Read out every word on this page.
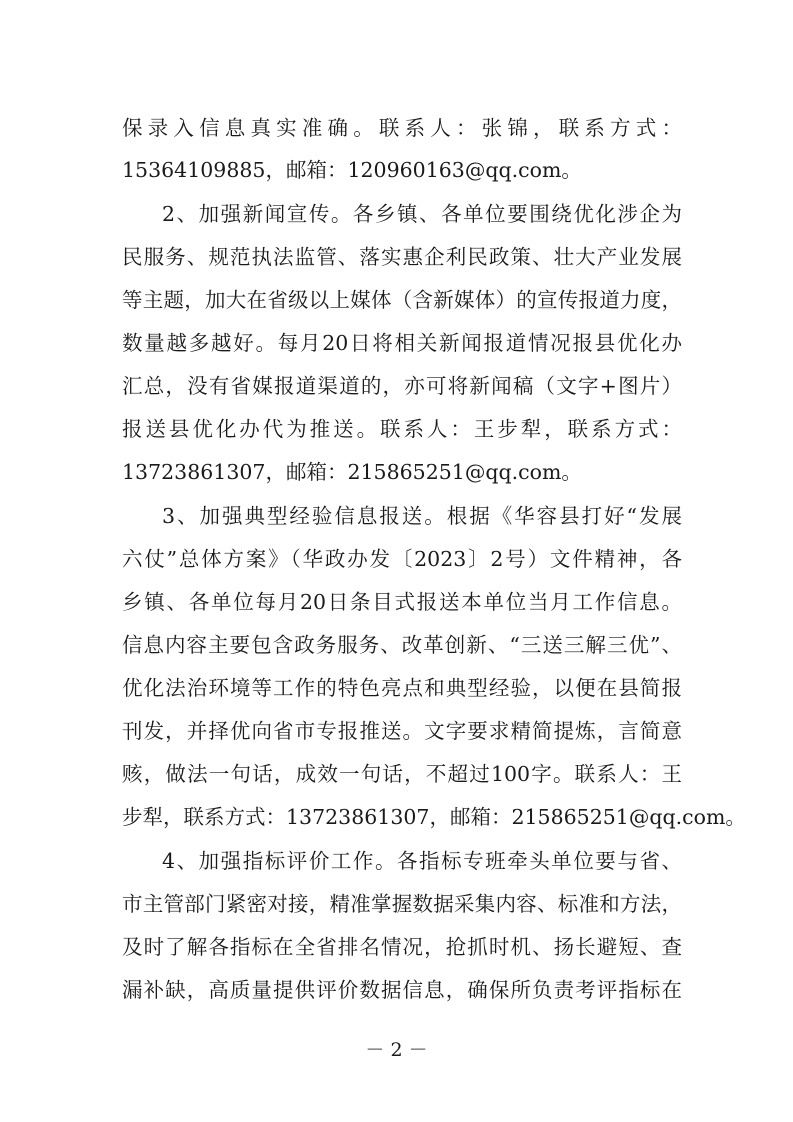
保录入信息真实准确。联系人：张锦，联系方式：
15364109885，邮箱：120960163@qq.com。
2、加强新闻宣传。各乡镇、各单位要围绕优化涉企为
民服务、规范执法监管、落实惠企利民政策、壮大产业发展
等主题，加大在省级以上媒体（含新媒体）的宣传报道力度，
数量越多越好。每月20日将相关新闻报道情况报县优化办
汇总，没有省媒报道渠道的，亦可将新闻稿（文字+图片）
报送县优化办代为推送。联系人：王步犁，联系方式：
13723861307，邮箱：215865251@qq.com。
3、加强典型经验信息报送。根据《华容县打好“发展
六仗”总体方案》（华政办发〔2023〕2号）文件精神，各
乡镇、各单位每月20日条目式报送本单位当月工作信息。
信息内容主要包含政务服务、改革创新、“三送三解三优”、
优化法治环境等工作的特色亮点和典型经验，以便在县简报
刊发，并择优向省市专报推送。文字要求精简提炼，言简意
赅，做法一句话，成效一句话，不超过100字。联系人：王
步犁，联系方式：13723861307，邮箱：215865251@qq.com。
4、加强指标评价工作。各指标专班牵头单位要与省、
市主管部门紧密对接，精准掌握数据采集内容、标准和方法，
及时了解各指标在全省排名情况，抢抓时机、扬长避短、查
漏补缺，高质量提供评价数据信息，确保所负责考评指标在
－ 2 －
